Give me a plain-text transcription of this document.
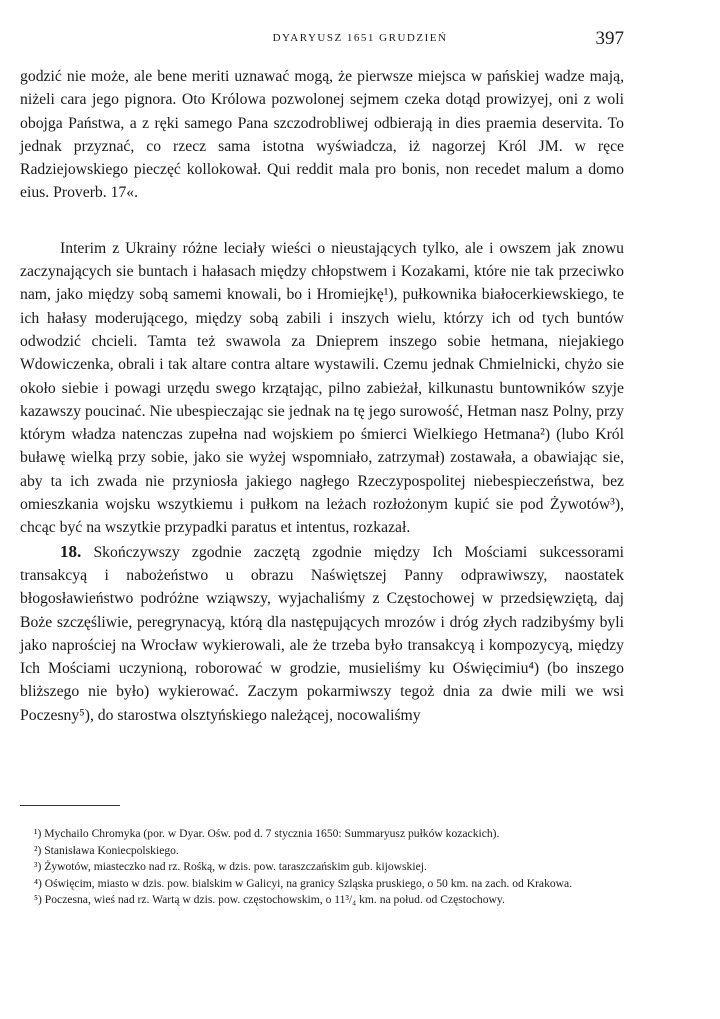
DYARYUSZ 1651 GRUDZIEŃ	397

godzić nie może, ale bene meriti uznawać mogą, że pierwsze miejsca w pańskiej wadze mają, niżeli cara jego pignora. Oto Królowa pozwolonej sejmem czeka dotąd prowizyej, oni z woli obojga Państwa, a z ręki samego Pana szczodrobliwej odbierają in dies praemia deservita. To jednak przyznać, co rzecz sama istotna wyświadcza, iż nagorzej Król JM. w ręce Radziejowskiego pieczęć kollokował. Qui reddit mala pro bonis, non recedet malum a domo eius. Proverb. 17«.

Interim z Ukrainy różne leciały wieści o nieustających tylko, ale i owszem jak znowu zaczynających sie buntach i hałasach między chłopstwem i Kozakami, które nie tak przeciwko nam, jako między sobą samemi knowali, bo i Hromiejkę¹), pułkownika białocerkiewskiego, te ich hałasy moderującego, między sobą zabili i inszych wielu, którzy ich od tych buntów odwodzić chcieli. Tamta też swawola za Dnieprem inszego sobie hetmana, niejakiego Wdowiczenka, obrali i tak altare contra altare wystawili. Czemu jednak Chmielnicki, chyżo sie około siebie i powagi urzędu swego krzątając, pilno zabieżał, kilkunastu buntowników szyje kazawszy poucinać. Nie ubespieczając sie jednak na tę jego surowość, Hetman nasz Polny, przy którym władza natenczas zupełna nad wojskiem po śmierci Wielkiego Hetmana²) (lubo Król buławę wielką przy sobie, jako sie wyżej wspomniało, zatrzymał) zostawała, a obawiając sie, aby ta ich zwada nie przyniosła jakiego nagłego Rzeczypospolitej niebespieczeństwa, bez omieszkania wojsku wszytkiemu i pułkom na leżach rozłożonym kupić sie pod Żywotów³), chcąc być na wszytkie przypadki paratus et intentus, rozkazał.

18. Skończywszy zgodnie zaczętą zgodnie między Ich Mościami sukcessorami transakcyą i nabożeństwo u obrazu Naświętszej Panny odprawiwszy, naostatek błogosławieństwo podróżne wziąwszy, wyjachaliśmy z Częstochowej w przedsięwziętą, daj Boże szczęśliwie, peregrynacyą, którą dla następujących mrozów i dróg złych radzibyśmy byli jako naprościej na Wrocław wykierowali, ale że trzeba było transakcyą i kompozycyą, między Ich Mościami uczynioną, roborować w grodzie, musieliśmy ku Oświęcimiu⁴) (bo inszego bliższego nie było) wykierować. Zaczym pokarmiwszy tegoż dnia za dwie mili we wsi Poczesny⁵), do starostwa olsztyńskiego należącej, nocowaliśmy

¹) Mychailo Chromyka (por. w Dyar. Ośw. pod d. 7 stycznia 1650: Summaryusz pułków kozackich).

²) Stanisława Koniecpolskiego.

³) Żywotów, miasteczko nad rz. Rośką, w dzis. pow. taraszczańskim gub. kijowskiej.

⁴) Oświęcim, miasto w dzis. pow. bialskim w Galicyi, na granicy Szląska pruskiego, o 50 km. na zach. od Krakowa.

⁵) Poczesna, wieś nad rz. Wartą w dzis. pow. częstochowskim, o 11³/₄ km. na połud. od Częstochowy.
